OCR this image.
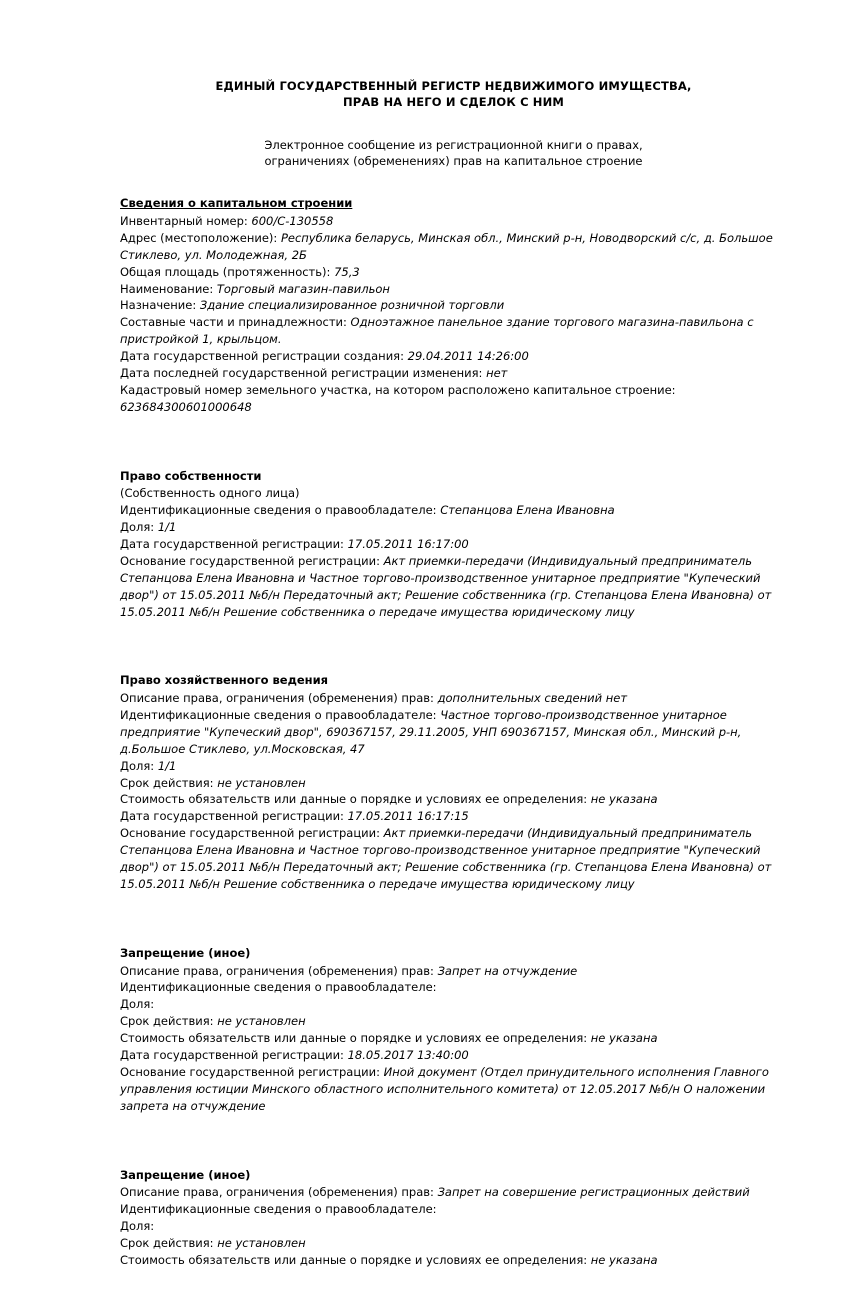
ЕДИНЫЙ ГОСУДАРСТВЕННЫЙ РЕГИСТР НЕДВИЖИМОГО ИМУЩЕСТВА,
ПРАВ НА НЕГО И СДЕЛОК С НИМ
Электронное сообщение из регистрационной книги о правах,
ограничениях (обременениях) прав на капитальное строение
Сведения о капитальном строении

Инвентарный номер: 600/C-130558

Адрес (местоположение): Республика беларусь, Минская обл., Минский р-н, Новодворский с/с, д. Большое Стиклево, ул. Молодежная, 2Б

Общая площадь (протяженность): 75,3

Наименование: Торговый магазин-павильон

Назначение: Здание специализированное розничной торговли

Составные части и принадлежности: Одноэтажное панельное здание торгового магазина-павильона с пристройкой 1, крыльцом.

Дата государственной регистрации создания: 29.04.2011 14:26:00

Дата последней государственной регистрации изменения: нет

Кадастровый номер земельного участка, на котором расположено капитальное строение: 623684300601000648

Право собственности

(Собственность одного лица)

Идентификационные сведения о правообладателе: Степанцова Елена Ивановна

Доля: 1/1

Дата государственной регистрации: 17.05.2011 16:17:00

Основание государственной регистрации: Акт приемки-передачи (Индивидуальный предприниматель Степанцова Елена Ивановна и Частное торгово-производственное унитарное предприятие "Купеческий двор") от 15.05.2011 №б/н Передаточный акт; Решение собственника (гр. Степанцова Елена Ивановна) от 15.05.2011 №б/н Решение собственника о передаче имущества юридическому лицу

Право хозяйственного ведения

Описание права, ограничения (обременения) прав: дополнительных сведений нет

Идентификационные сведения о правообладателе: Частное торгово-производственное унитарное предприятие "Купеческий двор", 690367157, 29.11.2005, УНП 690367157, Минская обл., Минский р-н, д.Большое Стиклево, ул.Московская, 47

Доля: 1/1

Срок действия: не установлен

Стоимость обязательств или данные о порядке и условиях ее определения: не указана

Дата государственной регистрации: 17.05.2011 16:17:15

Основание государственной регистрации: Акт приемки-передачи (Индивидуальный предприниматель Степанцова Елена Ивановна и Частное торгово-производственное унитарное предприятие "Купеческий двор") от 15.05.2011 №б/н Передаточный акт; Решение собственника (гр. Степанцова Елена Ивановна) от 15.05.2011 №б/н Решение собственника о передаче имущества юридическому лицу

Запрещение (иное)

Описание права, ограничения (обременения) прав: Запрет на отчуждение

Идентификационные сведения о правообладателе:

Доля:

Срок действия: не установлен

Стоимость обязательств или данные о порядке и условиях ее определения: не указана

Дата государственной регистрации: 18.05.2017 13:40:00

Основание государственной регистрации: Иной документ (Отдел принудительного исполнения Главного управления юстиции Минского областного исполнительного комитета) от 12.05.2017 №б/н О наложении запрета на отчуждение

Запрещение (иное)

Описание права, ограничения (обременения) прав: Запрет на совершение регистрационных действий

Идентификационные сведения о правообладателе:

Доля:

Срок действия: не установлен

Стоимость обязательств или данные о порядке и условиях ее определения: не указана
